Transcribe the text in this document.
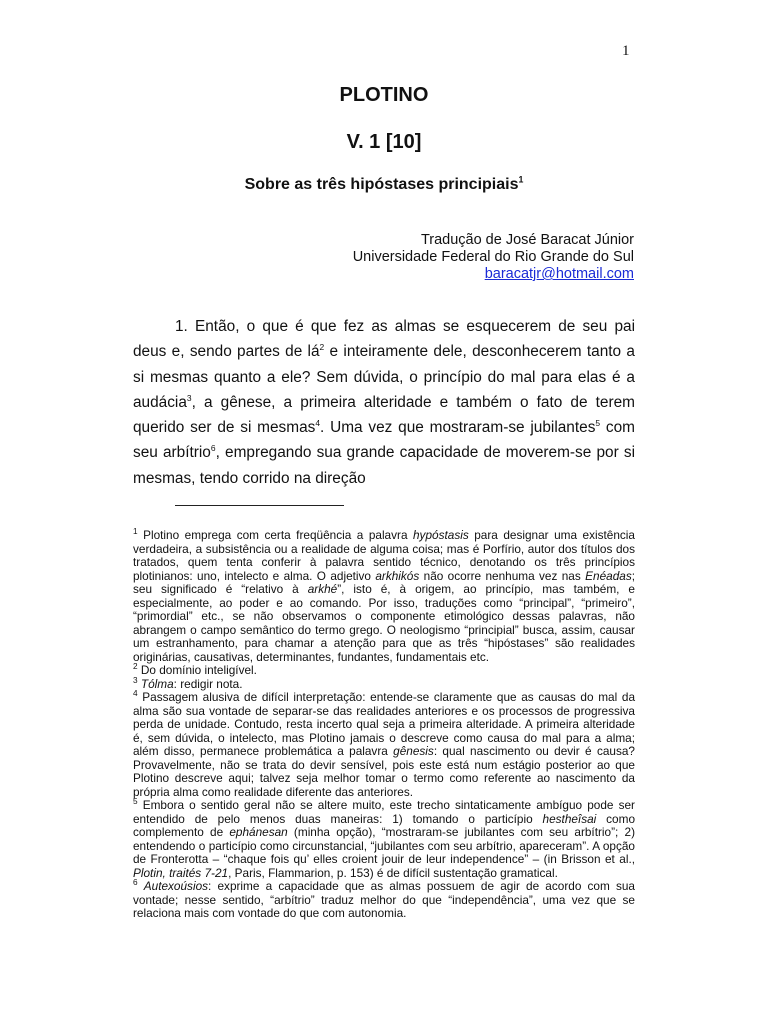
1
PLOTINO
V. 1 [10]
Sobre as três hipóstases principiais$^1$
Tradução de José Baracat Júnior
Universidade Federal do Rio Grande do Sul
baracatjr@hotmail.com

1. Então, o que é que fez as almas se esquecerem de seu pai deus e, sendo partes de $lá^2$ e inteiramente dele, desconhecerem tanto a si mesmas quanto a ele? Sem dúvida, o princípio do mal para elas é a audácia$^3$, a gênese, a primeira alteridade e também o fato de terem querido ser de si mesmas$^4$. Uma vez que mostraram-se jubilantes$^5$ com seu arbítrio$^6$, empregando sua grande capacidade de moverem-se por si mesmas, tendo corrido na direção

$^1$ Plotino emprega com certa freqüência a palavra hypóstasis para designar uma existência verdadeira, a subsistência ou a realidade de alguma coisa; mas é Porfírio, autor dos títulos dos tratados, quem tenta conferir à palavra sentido técnico, denotando os três princípios plotinianos: uno, intelecto e alma. O adjetivo arkhikós não ocorre nenhuma vez nas Enéadas; seu significado é “relativo à arkhé”, isto é, à origem, ao princípio, mas também, e especialmente, ao poder e ao comando. Por isso, traduções como “principal”, “primeiro”, “primordial” etc., se não observamos o componente etimológico dessas palavras, não abrangem o campo semântico do termo grego. O neologismo “principial” busca, assim, causar um estranhamento, para chamar a atenção para que as três “hipóstases” são realidades originárias, causativas, determinantes, fundantes, fundamentais etc.

$^2$ Do domínio inteligível.

$^3$ Tólma: redigir nota.

$^4$ Passagem alusiva de difícil interpretação: entende-se claramente que as causas do mal da alma são sua vontade de separar-se das realidades anteriores e os processos de progressiva perda de unidade. Contudo, resta incerto qual seja a primeira alteridade. A primeira alteridade é, sem dúvida, o intelecto, mas Plotino jamais o descreve como causa do mal para a alma; além disso, permanece problemática a palavra gênesis: qual nascimento ou devir é causa? Provavelmente, não se trata do devir sensível, pois este está num estágio posterior ao que Plotino descreve aqui; talvez seja melhor tomar o termo como referente ao nascimento da própria alma como realidade diferente das anteriores.

$^5$ Embora o sentido geral não se altere muito, este trecho sintaticamente ambíguo pode ser entendido de pelo menos duas maneiras: 1) tomando o particípio hestheîsai como complemento de ephánesan (minha opção), “mostraram-se jubilantes com seu arbítrio”; 2) entendendo o particípio como circunstancial, “jubilantes com seu arbítrio, apareceram”. A opção de Fronterotta – “chaque fois qu’ elles croient jouir de leur independence” – (in Brisson et al., Plotin, traités 7-21, Paris, Flammarion, p. 153) é de difícil sustentação gramatical.

$^6$ Autexoúsios: exprime a capacidade que as almas possuem de agir de acordo com sua vontade; nesse sentido, “arbítrio” traduz melhor do que “independência”, uma vez que se relaciona mais com vontade do que com autonomia.
